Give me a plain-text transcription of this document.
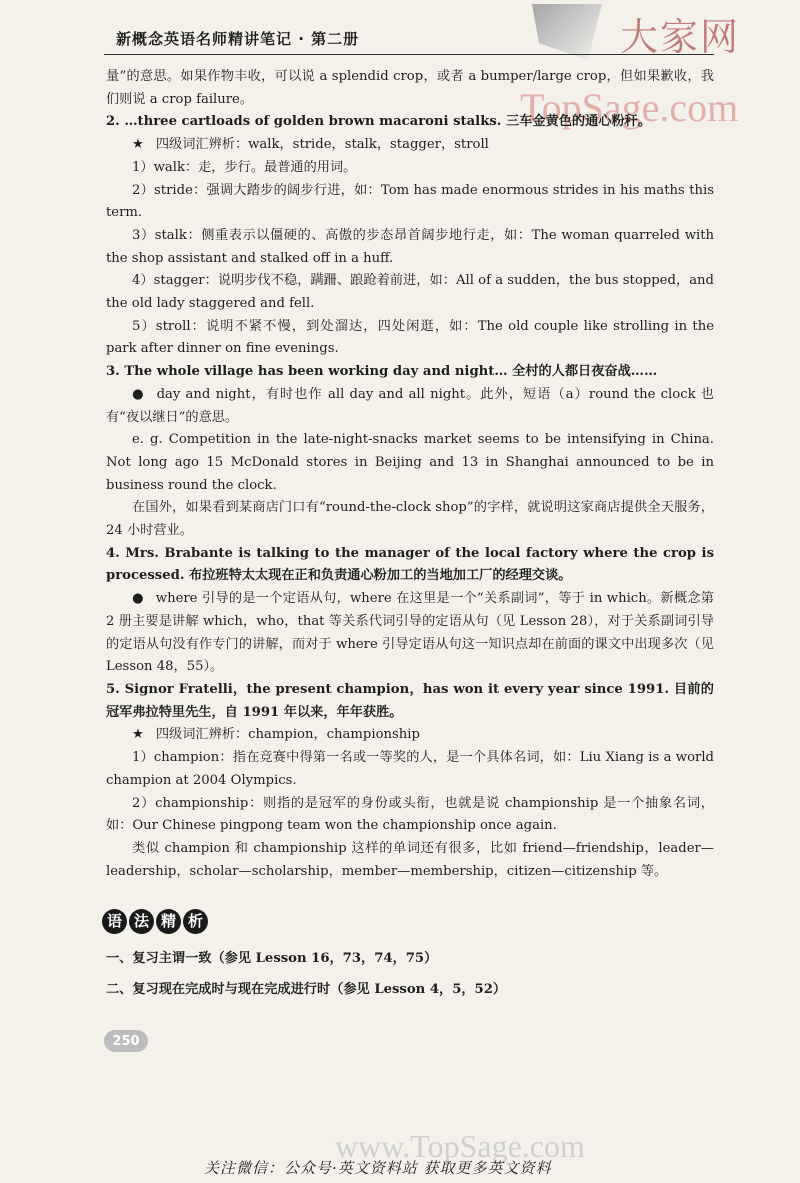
新概念英语名师精讲笔记 · 第二册	大家网
TopSage.com

量”的意思。如果作物丰收，可以说 a splendid crop，或者 a bumper/large crop，但如果歉收，我们则说 a crop failure。

2. …three cartloads of golden brown macaroni stalks. 三车金黄色的通心粉秆。

★ 四级词汇辨析：walk，stride，stalk，stagger，stroll

1）walk：走，步行。最普通的用词。

2）stride：强调大踏步的阔步行进，如：Tom has made enormous strides in his maths this term.

3）stalk：侧重表示以僵硬的、高傲的步态昂首阔步地行走，如：The woman quarreled with the shop assistant and stalked off in a huff.

4）stagger：说明步伐不稳，蹒跚、踉跄着前进，如：All of a sudden，the bus stopped，and the old lady staggered and fell.

5）stroll：说明不紧不慢，到处溜达，四处闲逛，如：The old couple like strolling in the park after dinner on fine evenings.

3. The whole village has been working day and night… 全村的人都日夜奋战……

● day and night，有时也作 all day and all night。此外，短语（a）round the clock 也有“夜以继日”的意思。

e. g. Competition in the late-night-snacks market seems to be intensifying in China. Not long ago 15 McDonald stores in Beijing and 13 in Shanghai announced to be in business round the clock.

在国外，如果看到某商店门口有“round-the-clock shop”的字样，就说明这家商店提供全天服务，24 小时营业。

4. Mrs. Brabante is talking to the manager of the local factory where the crop is processed. 布拉班特太太现在正和负责通心粉加工的当地加工厂的经理交谈。

● where 引导的是一个定语从句，where 在这里是一个“关系副词”，等于 in which。新概念第 2 册主要是讲解 which，who，that 等关系代词引导的定语从句（见 Lesson 28），对于关系副词引导的定语从句没有作专门的讲解，而对于 where 引导定语从句这一知识点却在前面的课文中出现多次（见 Lesson 48，55）。

5. Signor Fratelli，the present champion，has won it every year since 1991. 目前的冠军弗拉特里先生，自 1991 年以来，年年获胜。

★ 四级词汇辨析：champion，championship

1）champion：指在竞赛中得第一名或一等奖的人，是一个具体名词，如：Liu Xiang is a world champion at 2004 Olympics.

2）championship：则指的是冠军的身份或头衔，也就是说 championship 是一个抽象名词，如：Our Chinese pingpong team won the championship once again.

类似 champion 和 championship 这样的单词还有很多，比如 friend—friendship，leader—leadership，scholar—scholarship，member—membership，citizen—citizenship 等。

语 法 精 析

一、复习主谓一致（参见 Lesson 16，73，74，75）

二、复习现在完成时与现在完成进行时（参见 Lesson 4，5，52）

250
www.TopSage.com
关注微信：公众号·英文资料站 获取更多英文资料
